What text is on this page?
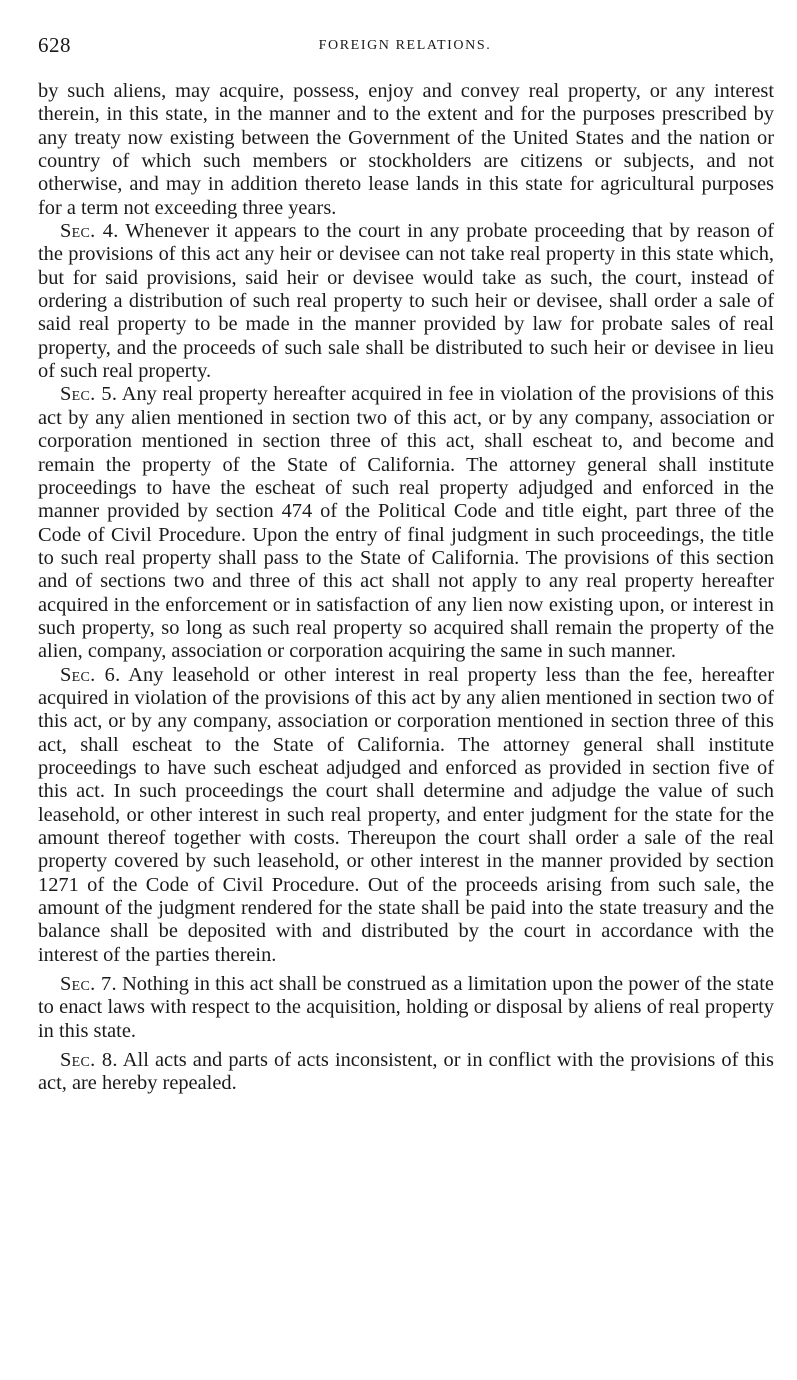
628	FOREIGN RELATIONS.

by such aliens, may acquire, possess, enjoy and convey real property, or any interest therein, in this state, in the manner and to the extent and for the purposes prescribed by any treaty now existing between the Government of the United States and the nation or country of which such members or stockholders are citizens or subjects, and not otherwise, and may in addition thereto lease lands in this state for agricultural purposes for a term not exceeding three years.

Sec. 4. Whenever it appears to the court in any probate proceeding that by reason of the provisions of this act any heir or devisee can not take real property in this state which, but for said provisions, said heir or devisee would take as such, the court, instead of ordering a distribution of such real property to such heir or devisee, shall order a sale of said real property to be made in the manner provided by law for probate sales of real property, and the proceeds of such sale shall be distributed to such heir or devisee in lieu of such real property.

Sec. 5. Any real property hereafter acquired in fee in violation of the provisions of this act by any alien mentioned in section two of this act, or by any company, association or corporation mentioned in section three of this act, shall escheat to, and become and remain the property of the State of California. The attorney general shall institute proceedings to have the escheat of such real property adjudged and enforced in the manner provided by section 474 of the Political Code and title eight, part three of the Code of Civil Procedure. Upon the entry of final judgment in such proceedings, the title to such real property shall pass to the State of California. The provisions of this section and of sections two and three of this act shall not apply to any real property hereafter acquired in the enforcement or in satisfaction of any lien now existing upon, or interest in such property, so long as such real property so acquired shall remain the property of the alien, company, association or corporation acquiring the same in such manner.

Sec. 6. Any leasehold or other interest in real property less than the fee, hereafter acquired in violation of the provisions of this act by any alien mentioned in section two of this act, or by any company, association or corporation mentioned in section three of this act, shall escheat to the State of California. The attorney general shall institute proceedings to have such escheat adjudged and enforced as provided in section five of this act. In such proceedings the court shall determine and adjudge the value of such leasehold, or other interest in such real property, and enter judgment for the state for the amount thereof together with costs. Thereupon the court shall order a sale of the real property covered by such leasehold, or other interest in the manner provided by section 1271 of the Code of Civil Procedure. Out of the proceeds arising from such sale, the amount of the judgment rendered for the state shall be paid into the state treasury and the balance shall be deposited with and distributed by the court in accordance with the interest of the parties therein.

Sec. 7. Nothing in this act shall be construed as a limitation upon the power of the state to enact laws with respect to the acquisition, holding or disposal by aliens of real property in this state.

Sec. 8. All acts and parts of acts inconsistent, or in conflict with the provisions of this act, are hereby repealed.
